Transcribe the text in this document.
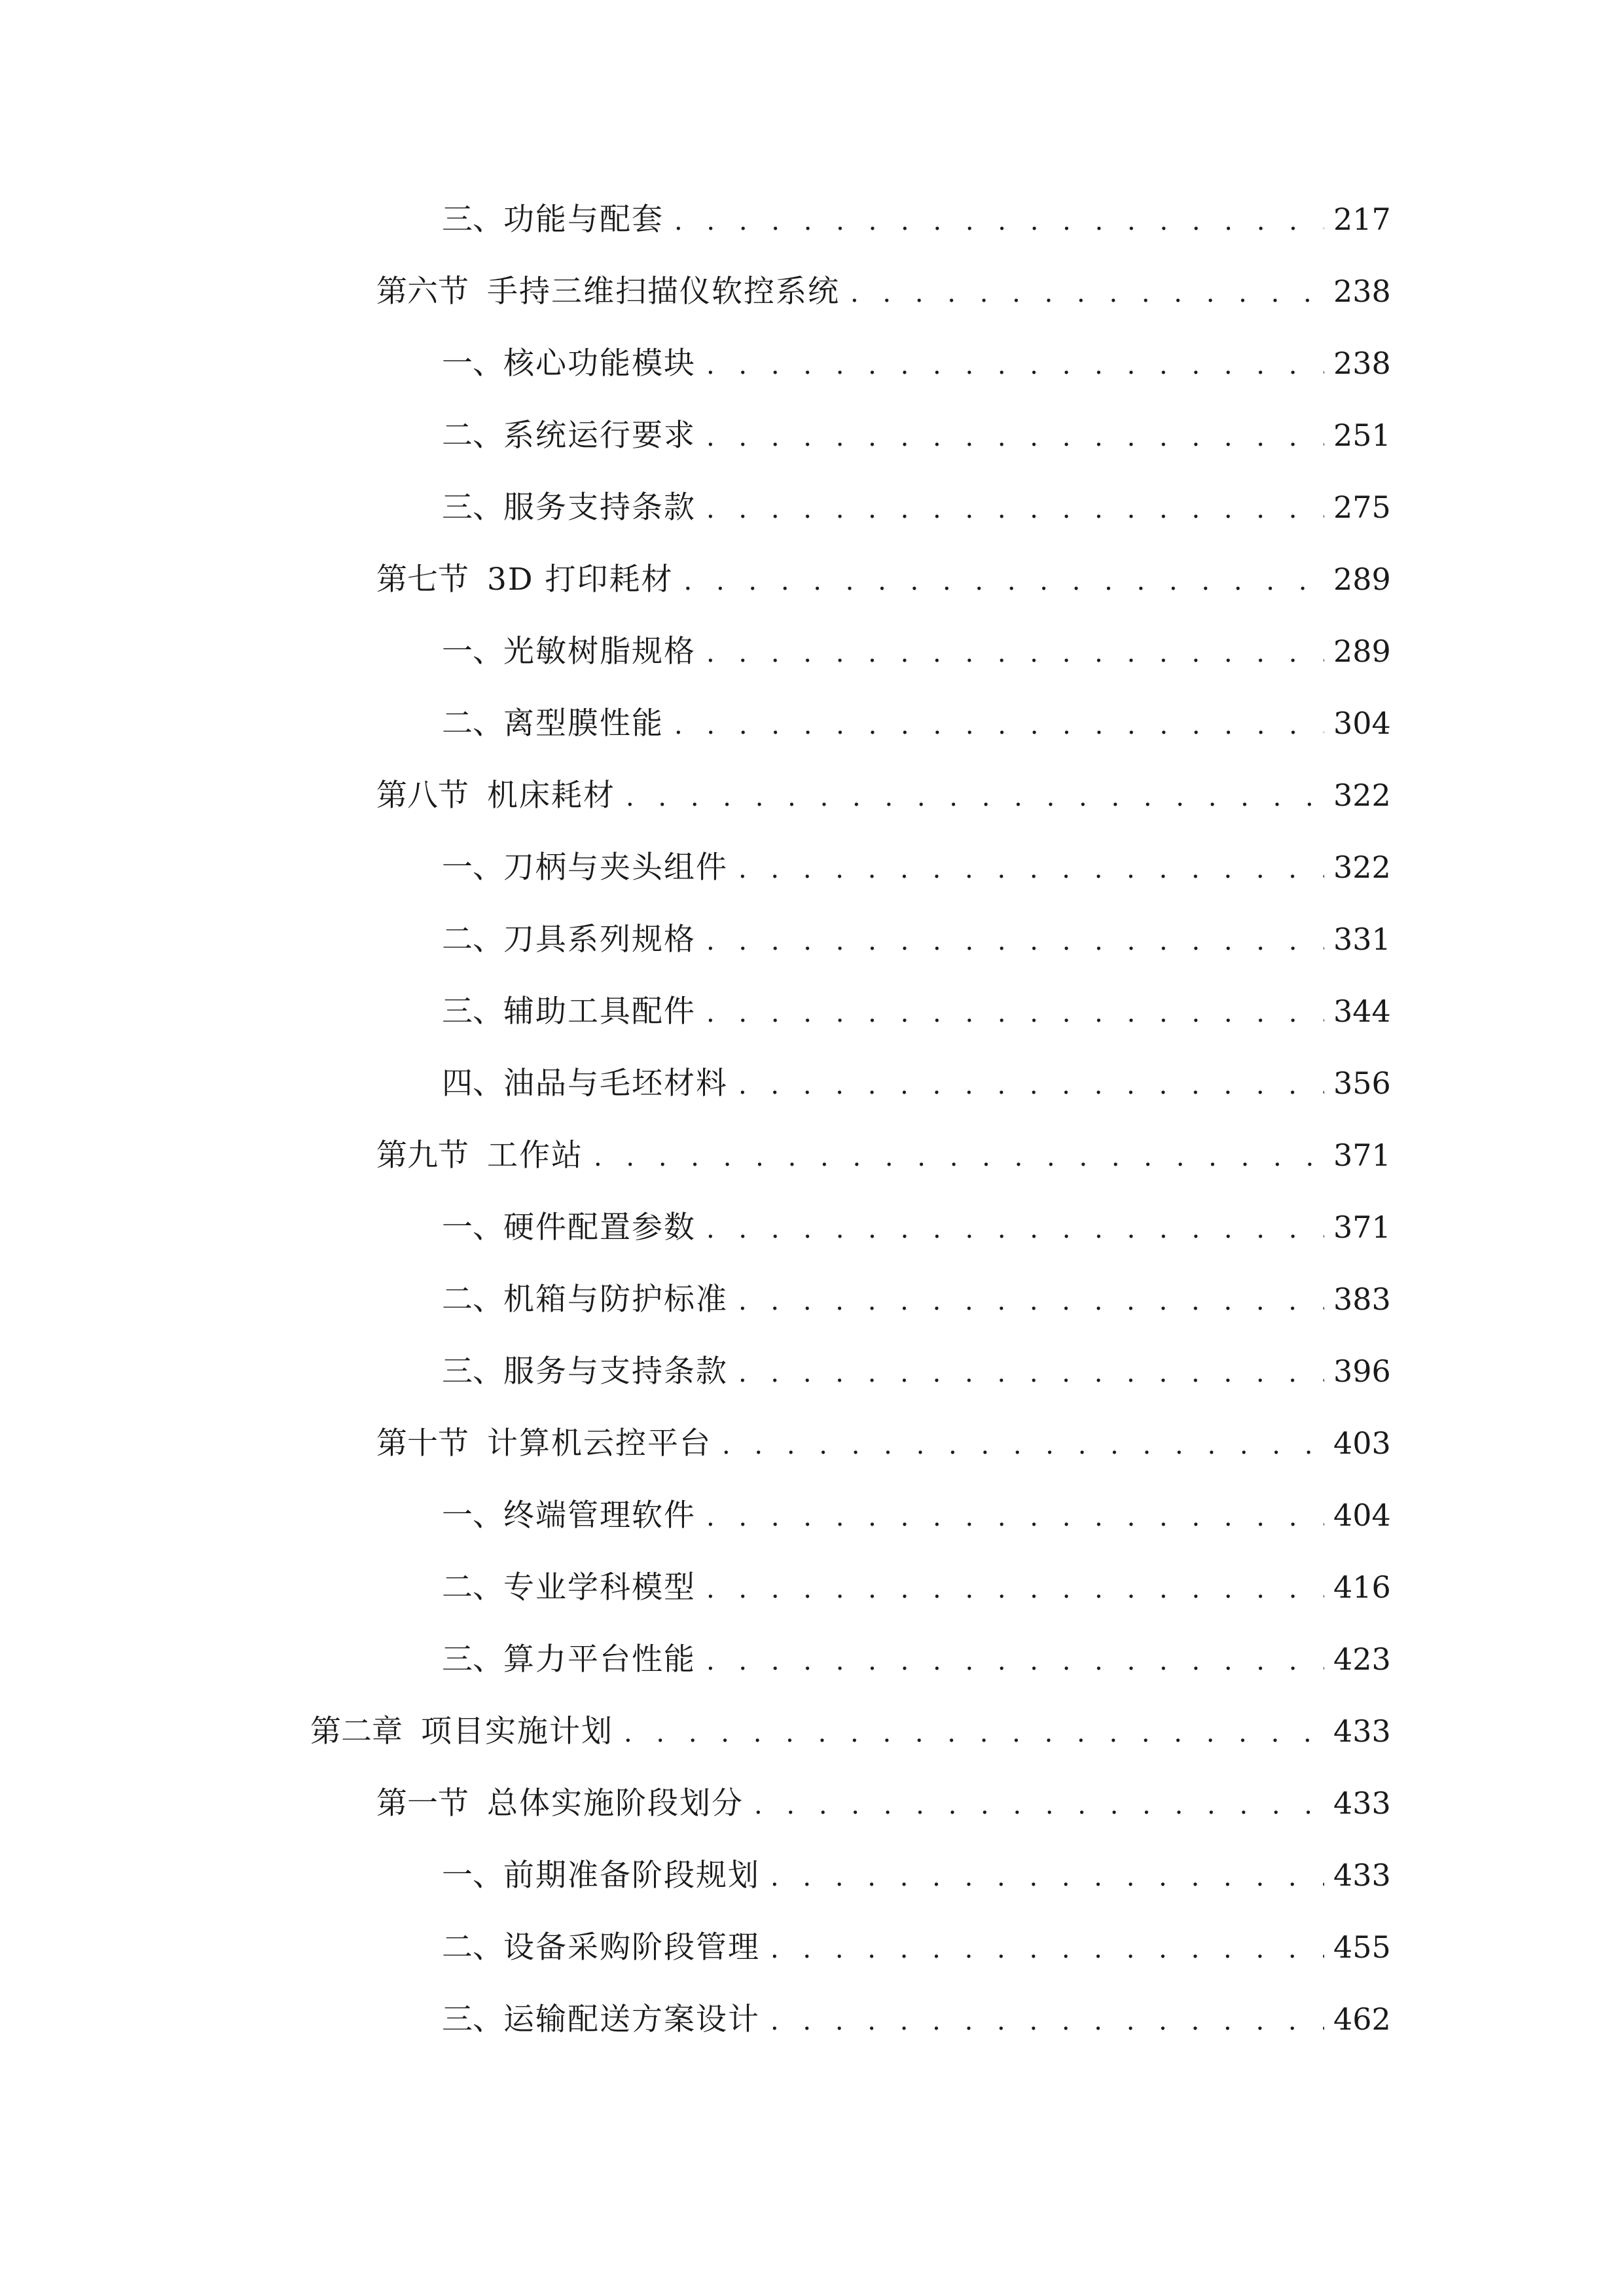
三、 功能与配套 . . .	217
第六节 手持三维扫描仪软控系统 . . .	238
一、 核心功能模块 . . .	238
二、 系统运行要求 . . .	251
三、 服务支持条款 . . .	275
第七节 3D 打印耗材 . . .	289
一、 光敏树脂规格 . . .	289
二、 离型膜性能 . . .	304
第八节 机床耗材 . . .	322
一、 刀柄与夹头组件 . . .	322
二、 刀具系列规格 . . .	331
三、 辅助工具配件 . . .	344
四、 油品与毛坯材料 . . .	356
第九节 工作站 . . .	371
一、 硬件配置参数 . . .	371
二、 机箱与防护标准 . . .	383
三、 服务与支持条款 . . .	396
第十节 计算机云控平台 . . .	403
一、 终端管理软件 . . .	404
二、 专业学科模型 . . .	416
三、 算力平台性能 . . .	423
第二章 项目实施计划 . . .	433
第一节 总体实施阶段划分 . . .	433
一、 前期准备阶段规划 . . .	433
二、 设备采购阶段管理 . . .	455
三、 运输配送方案设计 . . .	462
